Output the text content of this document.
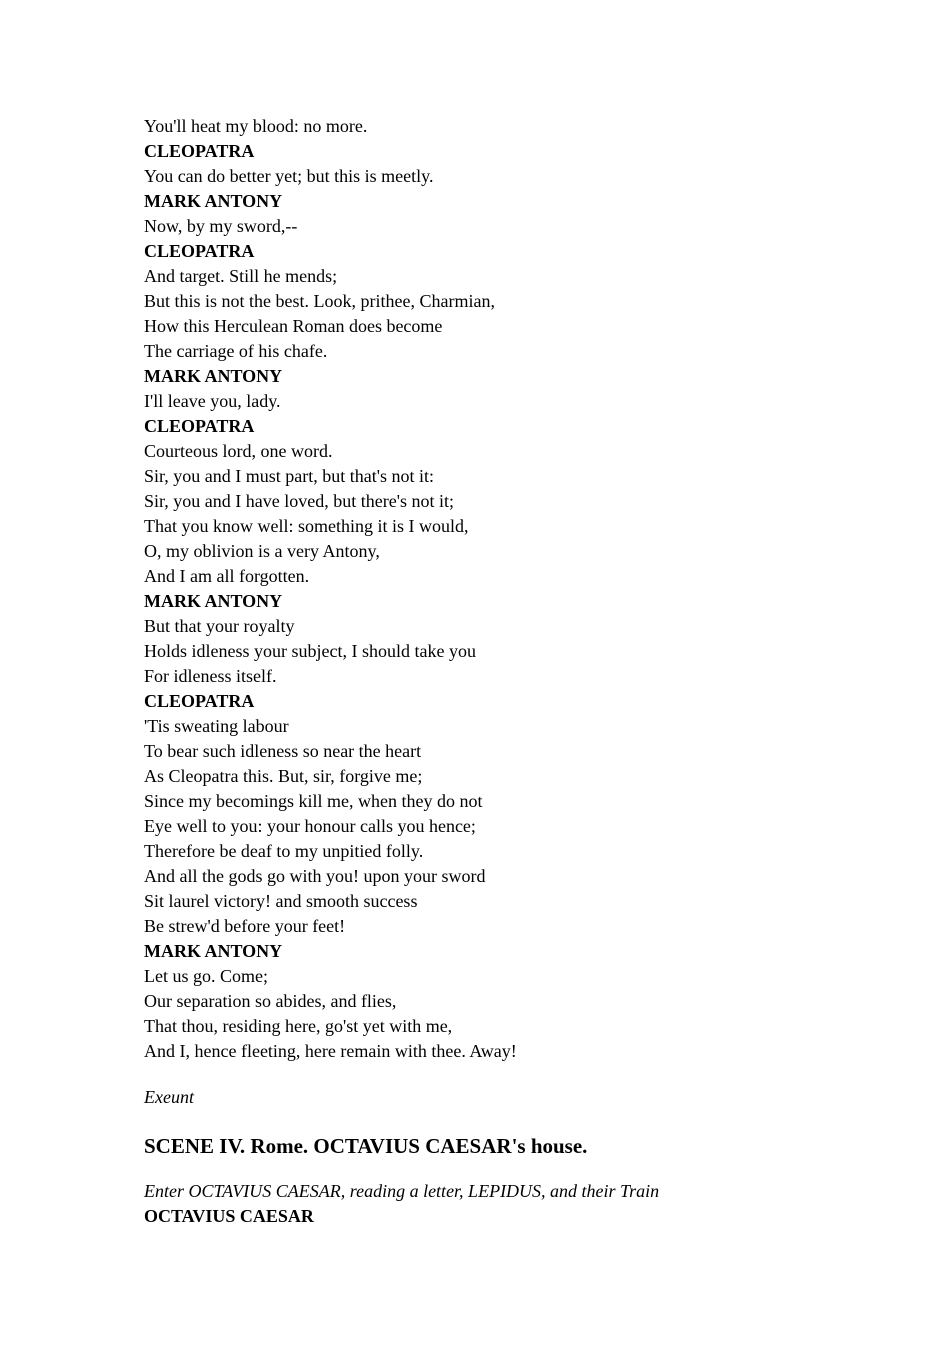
You'll heat my blood: no more.
CLEOPATRA
You can do better yet; but this is meetly.
MARK ANTONY
Now, by my sword,--
CLEOPATRA
And target. Still he mends;
But this is not the best. Look, prithee, Charmian,
How this Herculean Roman does become
The carriage of his chafe.
MARK ANTONY
I'll leave you, lady.
CLEOPATRA
Courteous lord, one word.
Sir, you and I must part, but that's not it:
Sir, you and I have loved, but there's not it;
That you know well: something it is I would,
O, my oblivion is a very Antony,
And I am all forgotten.
MARK ANTONY
But that your royalty
Holds idleness your subject, I should take you
For idleness itself.
CLEOPATRA
'Tis sweating labour
To bear such idleness so near the heart
As Cleopatra this. But, sir, forgive me;
Since my becomings kill me, when they do not
Eye well to you: your honour calls you hence;
Therefore be deaf to my unpitied folly.
And all the gods go with you! upon your sword
Sit laurel victory! and smooth success
Be strew'd before your feet!
MARK ANTONY
Let us go. Come;
Our separation so abides, and flies,
That thou, residing here, go'st yet with me,
And I, hence fleeting, here remain with thee. Away!
Exeunt
SCENE IV. Rome. OCTAVIUS CAESAR's house.
Enter OCTAVIUS CAESAR, reading a letter, LEPIDUS, and their Train
OCTAVIUS CAESAR
